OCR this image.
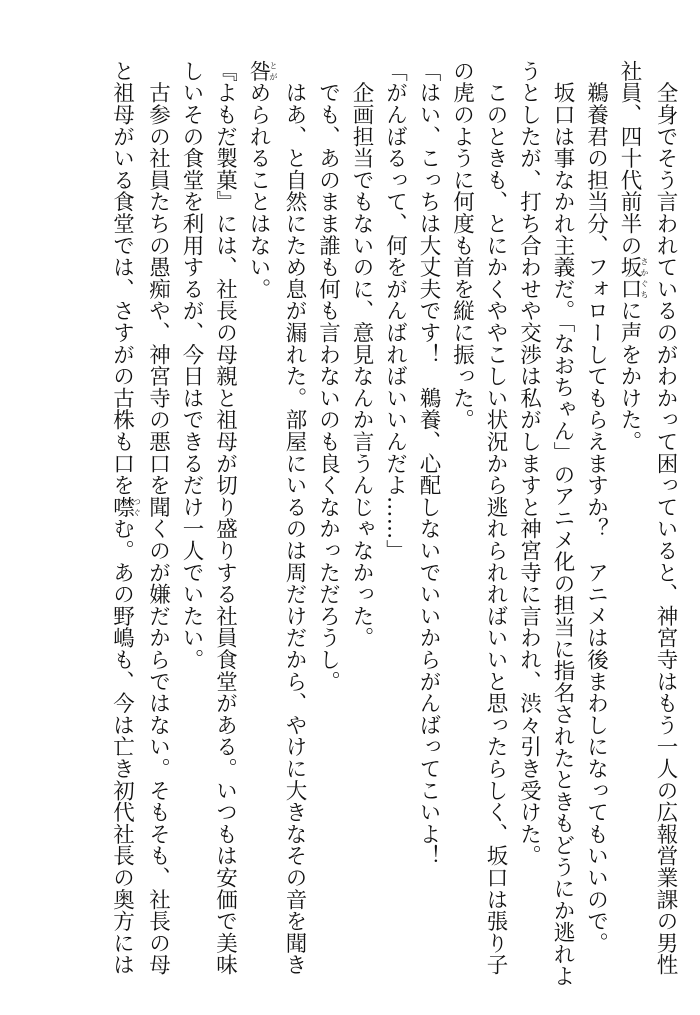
　全身でそう言われているのがわかって困っていると、神宮寺はもう一人の広報営業課の男性
社員、四十代前半の坂口さかぐちに声をかけた。
　鵜養君の担当分、フォローしてもらえますか？　アニメは後まわしになってもいいので。
　坂口は事なかれ主義だ。「なおちゃん」のアニメ化の担当に指名されたときもどうにか逃れよ
うとしたが、打ち合わせや交渉は私がしますと神宮寺に言われ、渋々引き受けた。
　このときも、とにかくややこしい状況から逃れられればいいと思ったらしく、坂口は張り子
の虎のように何度も首を縦に振った。
「はい、こっちは大丈夫です！　鵜養、心配しないでいいからがんばってこいよ！
「がんばるって、何をがんばればいいんだよ……」
　企画担当でもないのに、意見なんか言うんじゃなかった。
　でも、あのまま誰も何も言わないのも良くなかっただろうし。
　はあ、と自然にため息が漏れた。部屋にいるのは周だけだから、やけに大きなその音を聞き
咎とがめられることはない。
『よもだ製菓』には、社長の母親と祖母が切り盛りする社員食堂がある。いつもは安価で美味
しいその食堂を利用するが、今日はできるだけ一人でいたい。
　古参の社員たちの愚痴や、神宮寺の悪口を聞くのが嫌だからではない。そもそも、社長の母
と祖母がいる食堂では、さすがの古株も口を噤つぐむ。あの野嶋も、今は亡き初代社長の奥方には
